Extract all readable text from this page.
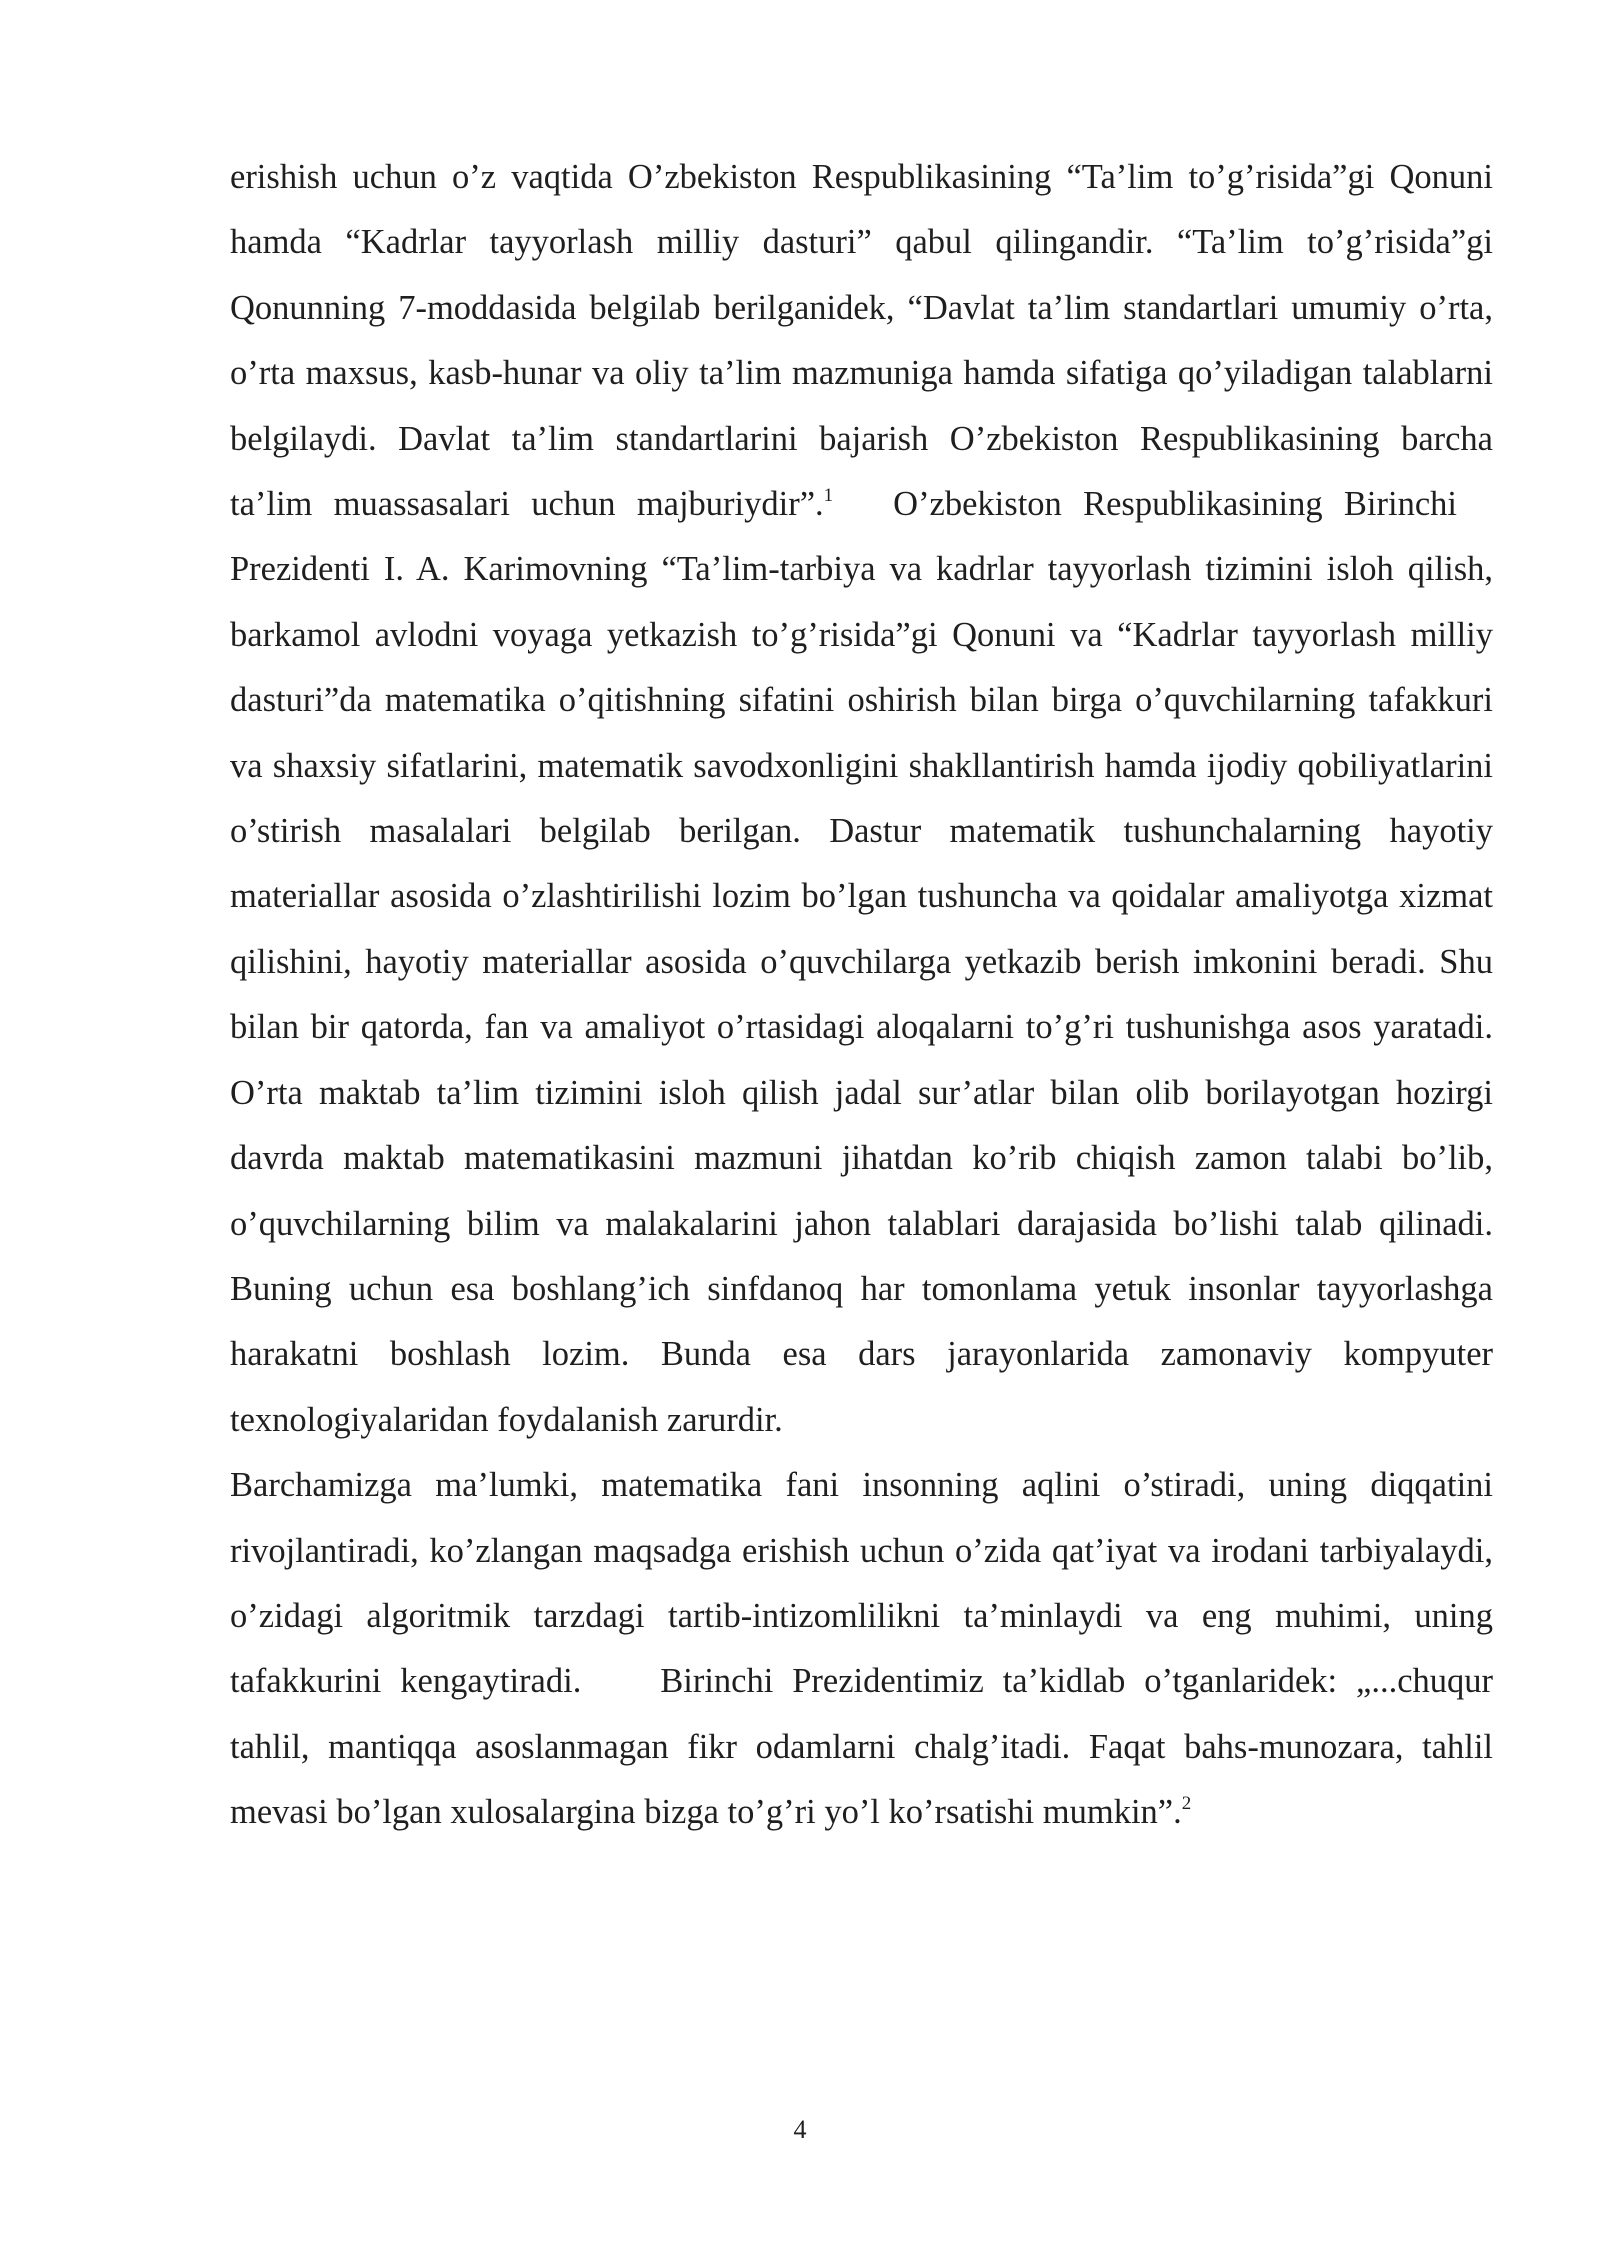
erishish uchun o’z vaqtida O’zbekiston Respublikasining “Ta’lim to’g’risida”gi Qonuni hamda “Kadrlar tayyorlash milliy dasturi” qabul qilingandir. “Ta’lim to’g’risida”gi Qonunning 7-moddasida belgilab berilganidek, “Davlat ta’lim standartlari umumiy o’rta, o’rta maxsus, kasb-hunar va oliy ta’lim mazmuniga hamda sifatiga qo’yiladigan talablarni belgilaydi. Davlat ta’lim standartlarini bajarish O’zbekiston Respublikasining barcha ta’lim muassasalari uchun majburiydir”.$^1$ O’zbekiston Respublikasining Birinchi Prezidenti I. A. Karimovning “Ta’lim-tarbiya va kadrlar tayyorlash tizimini isloh qilish, barkamol avlodni voyaga yetkazish to’g’risida”gi Qonuni va “Kadrlar tayyorlash milliy dasturi”da matematika o’qitishning sifatini oshirish bilan birga o’quvchilarning tafakkuri va shaxsiy sifatlarini, matematik savodxonligini shakllantirish hamda ijodiy qobiliyatlarini o’stirish masalalari belgilab berilgan. Dastur matematik tushunchalarning hayotiy materiallar asosida o’zlashtirilishi lozim bo’lgan tushuncha va qoidalar amaliyotga xizmat qilishini, hayotiy materiallar asosida o’quvchilarga yetkazib berish imkonini beradi. Shu bilan bir qatorda, fan va amaliyot o’rtasidagi aloqalarni to’g’ri tushunishga asos yaratadi. O’rta maktab ta’lim tizimini isloh qilish jadal sur’atlar bilan olib borilayotgan hozirgi davrda maktab matematikasini mazmuni jihatdan ko’rib chiqish zamon talabi bo’lib, o’quvchilarning bilim va malakalarini jahon talablari darajasida bo’lishi talab qilinadi. Buning uchun esa boshlang’ich sinfdanoq har tomonlama yetuk insonlar tayyorlashga harakatni boshlash lozim. Bunda esa dars jarayonlarida zamonaviy kompyuter texnologiyalaridan foydalanish zarurdir.

Barchamizga ma’lumki, matematika fani insonning aqlini o’stiradi, uning diqqatini rivojlantiradi, ko’zlangan maqsadga erishish uchun o’zida qat’iyat va irodani tarbiyalaydi, o’zidagi algoritmik tarzdagi tartib-intizomlilikni ta’minlaydi va eng muhimi, uning tafakkurini kengaytiradi. Birinchi Prezidentimiz ta’kidlab o’tganlaridek: „...chuqur tahlil, mantiqqa asoslanmagan fikr odamlarni chalg’itadi. Faqat bahs-munozara, tahlil mevasi bo’lgan xulosalargina bizga to’g’ri yo’l ko’rsatishi mumkin”.$^2$

4
